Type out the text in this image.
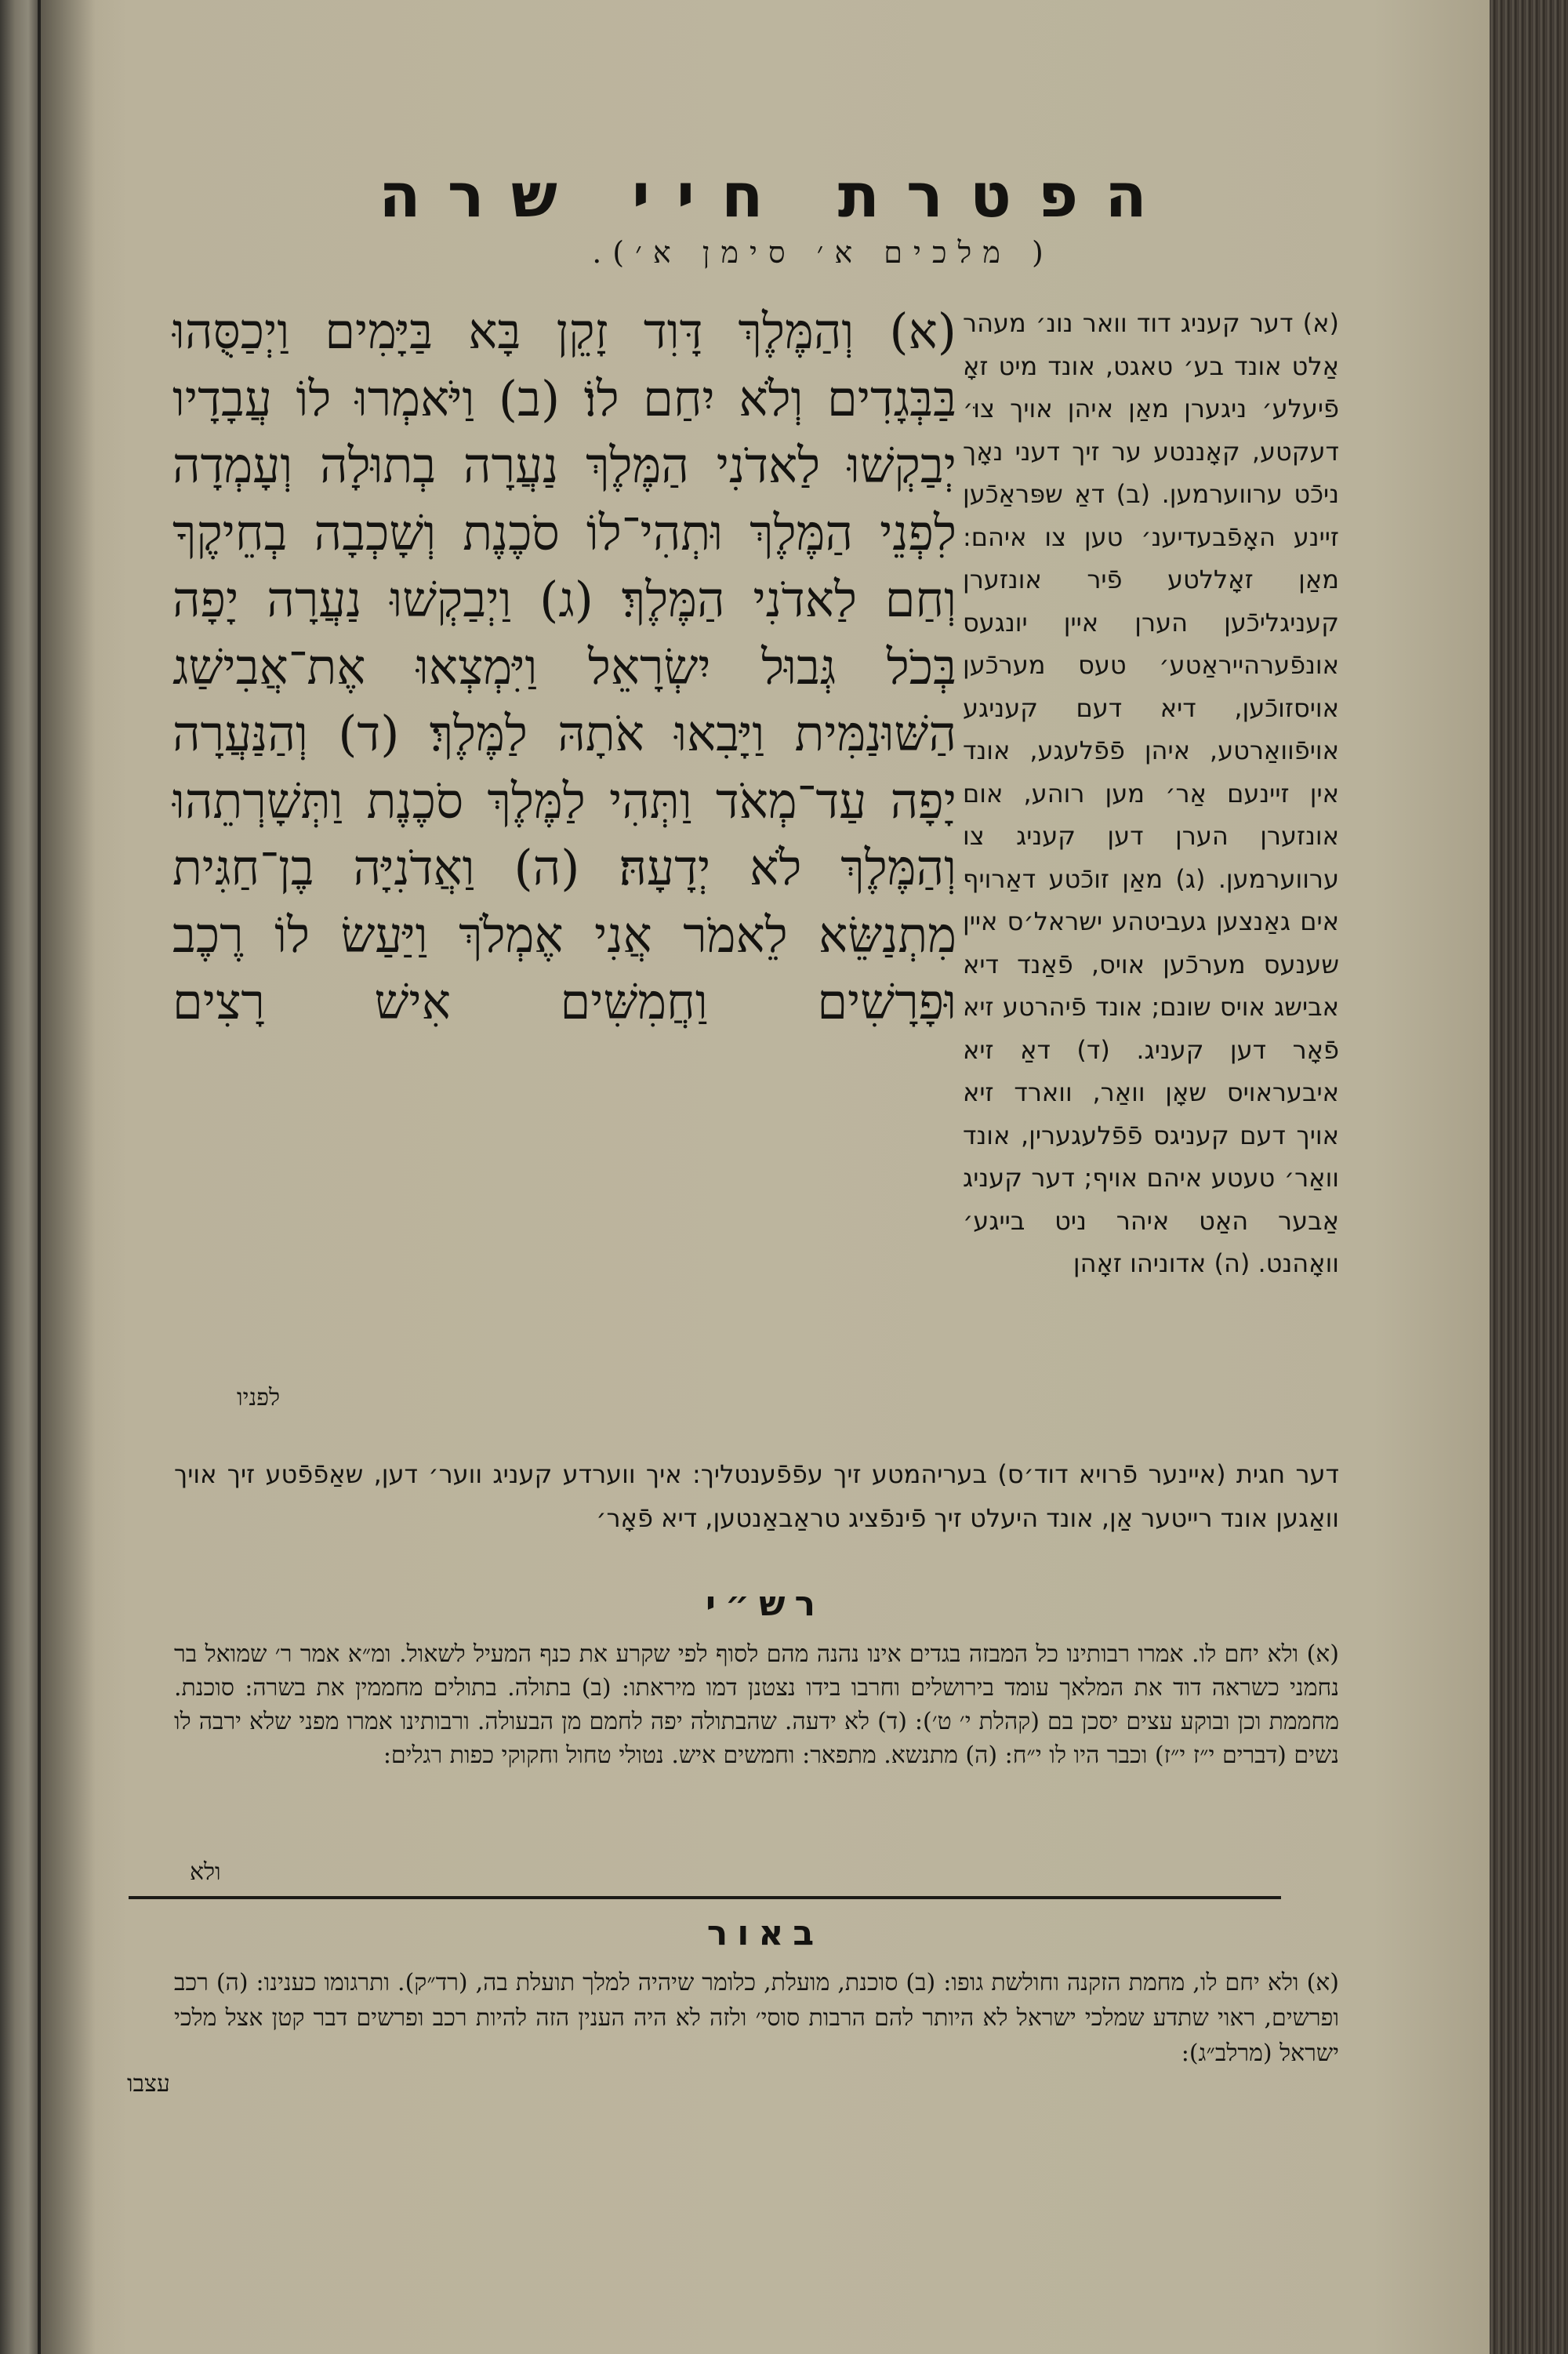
הפטרת חיי שרה
( מלכים א׳ סימן א׳).

(א) וְהַמֶּלֶךְ דָּוִד זָקֵן בָּא בַּיָּמִים וַיְכַסֻּהוּ בַּבְּגָדִים וְלֹא יִחַם לוֹ׃ (ב) וַיֹּאמְרוּ לוֹ עֲבָדָיו יְבַקְשׁוּ לַאדֹנִי הַמֶּלֶךְ נַעֲרָה בְתוּלָה וְעָמְדָה לִפְנֵי הַמֶּלֶךְ וּתְהִי־לוֹ סֹכֶנֶת וְשָׁכְבָה בְחֵיקֶךָ וְחַם לַאדֹנִי הַמֶּלֶךְ׃ (ג) וַיְבַקְשׁוּ נַעֲרָה יָפָה בְּכֹל גְּבוּל יִשְׂרָאֵל וַיִּמְצְאוּ אֶת־אֲבִישַׁג הַשּׁוּנַמִּית וַיָּבִאוּ אֹתָהּ לַמֶּלֶךְ׃ (ד) וְהַנַּעֲרָה יָפָה עַד־מְאֹד וַתְּהִי לַמֶּלֶךְ סֹכֶנֶת וַתְּשָׁרְתֵהוּ וְהַמֶּלֶךְ לֹא יְדָעָהּ׃ (ה) וַאֲדֹנִיָּה בֶן־חַגִּית מִתְנַשֵּׂא לֵאמֹר אֲנִי אֶמְלֹךְ וַיַּעַשׂ לוֹ רֶכֶב וּפָרָשִׁים וַחֲמִשִּׁים אִישׁ רָצִים

לפניו

(א) דער קעניג דוד וואר נונ׳ מעהר אַלט אונד בע׳ טאגט, אונד מיט זאָ פֿיעלע׳ ניגערן מאַן איהן אויך צוּ׳ דעקטע, קאָננטע ער זיך דעני נאָך ניכֿט ערווערמען. (ב) דאַ שפּראַכֿען זיינע האָפֿבעדיענ׳ טען צו איהם: מאַן זאָללטע פֿיר אונזערן קעניגליכֿען הערן איין יונגעס אונפֿערהייראַטע׳ טעס מערכֿען אויסזוכֿען, דיא דעם קעניגע אויפֿוואַרטע, איהן פֿפֿלעגע, אונד אין זיינעם אַר׳ מען רוהע, אום אונזערן הערן דען קעניג צו ערווערמען. (ג) מאַן זוכֿטע דאַרויף אים גאַנצען געביטהע ישראל׳ס איין שענעס מערכֿען אויס, פֿאַנד דיא אבישג אויס שונם; אונד פֿיהרטע זיא פֿאָר דען קעניג. (ד) דאַ זיא איבעראויס שאָן וואַר, ווארד זיא אויך דעם קעניגס פֿפֿלעגערין, אונד וואַר׳ טעטע איהם אויף; דער קעניג אַבער האַט איהר ניט בייגע׳ וואָהנט. (ה) אדוניהו זאָהן

דער חגית (איינער פֿרויא דוד׳ס) בעריהמטע זיך עפֿפֿענטליך: איך ווערדע קעניג ווער׳ דען, שאַפֿפֿטע זיך אויך וואַגען אונד רייטער אַן, אונד היעלט זיך פֿינפֿציג טראַבאַנטען, דיא פֿאָר׳

רש״י

(א) ולא יחם לו. אמרו רבותינו כל המבזה בגדים אינו נהנה מהם לסוף לפי שקרע את כנף המעיל לשאול. ומ״א אמר ר׳ שמואל בר נחמני כשראה דוד את המלאך עומד בירושלים וחרבו בידו נצטנן דמו מיראתו: (ב) בתולה. בתולים מחממין את בשרה: סוכנת. מחממת וכן ובוקע עצים יסכן בם (קהלת י׳ ט׳): (ד) לא ידעה. שהבתולה יפה לחמם מן הבעולה. ורבותינו אמרו מפני שלא ירבה לו נשים (דברים י״ז י״ז) וכבר היו לו י״ח: (ה) מתנשא. מתפאר: וחמשים איש. נטולי טחול וחקוקי כפות רגלים:

ולא
באור

(א) ולא יחם לו, מחמת הזקנה וחולשת גופו: (ב) סוכנת, מועלת, כלומר שיהיה למלך תועלת בה, (רד״ק). ותרגומו כענינו: (ה) רכב ופרשים, ראוי שתדע שמלכי ישראל לא היותר להם הרבות סוסי׳ ולזה לא היה הענין הזה להיות רכב ופרשים דבר קטן אצל מלכי ישראל (מרלב״ג):

עצבו
